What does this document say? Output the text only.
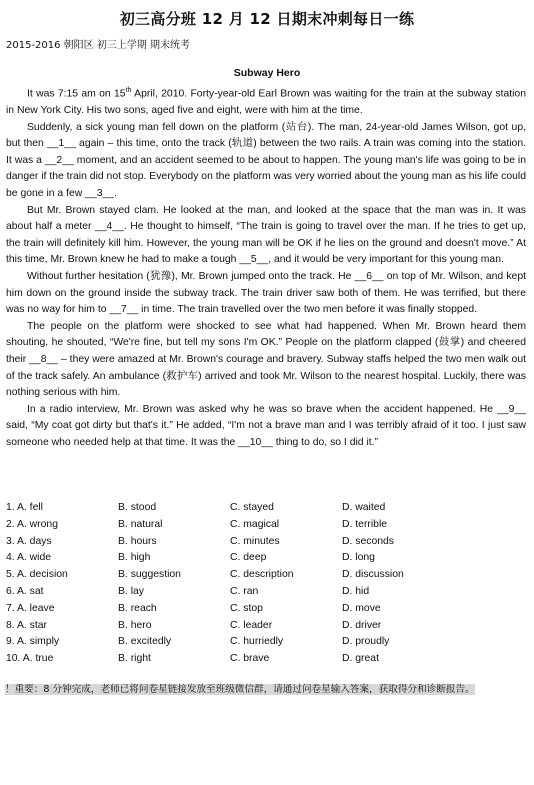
初三高分班 12 月 12 日期末冲刺每日一练
2015-2016 朝阳区 初三上学期 期末统考
Subway Hero

It was 7:15 am on 15th April, 2010. Forty-year-old Earl Brown was waiting for the train at the subway station in New York City. His two sons, aged five and eight, were with him at the time.

Suddenly, a sick young man fell down on the platform (站台). The man, 24-year-old James Wilson, got up, but then __1__ again – this time, onto the track (轨道) between the two rails. A train was coming into the station. It was a __2__ moment, and an accident seemed to be about to happen. The young man's life was going to be in danger if the train did not stop. Everybody on the platform was very worried about the young man as his life could be gone in a few __3__.

But Mr. Brown stayed clam. He looked at the man, and looked at the space that the man was in. It was about half a meter __4__. He thought to himself, “The train is going to travel over the man. If he tries to get up, the train will definitely kill him. However, the young man will be OK if he lies on the ground and doesn't move.” At this time, Mr. Brown knew he had to make a tough __5__, and it would be very important for this young man.

Without further hesitation (犹豫), Mr. Brown jumped onto the track. He __6__ on top of Mr. Wilson, and kept him down on the ground inside the subway track. The train driver saw both of them. He was terrified, but there was no way for him to __7__ in time. The train travelled over the two men before it was finally stopped.

The people on the platform were shocked to see what had happened. When Mr. Brown heard them shouting, he shouted, “We're fine, but tell my sons I'm OK.” People on the platform clapped (鼓掌) and cheered their __8__ – they were amazed at Mr. Brown's courage and bravery. Subway staffs helped the two men walk out of the track safely. An ambulance (救护车) arrived and took Mr. Wilson to the nearest hospital. Luckily, there was nothing serious with him.

In a radio interview, Mr. Brown was asked why he was so brave when the accident happened. He __9__ said, “My coat got dirty but that's it.” He added, “I'm not a brave man and I was terribly afraid of it too. I just saw someone who needed help at that time. It was the __10__ thing to do, so I did it.”

1. A. fell	B. stood	C. stayed	D. waited
2. A. wrong	B. natural	C. magical	D. terrible
3. A. days	B. hours	C. minutes	D. seconds
4. A. wide	B. high	C. deep	D. long
5. A. decision	B. suggestion	C. description	D. discussion
6. A. sat	B. lay	C. ran	D. hid
7. A. leave	B. reach	C. stop	D. move
8. A. star	B. hero	C. leader	D. driver
9. A. simply	B. excitedly	C. hurriedly	D. proudly
10. A. true	B. right	C. brave	D. great
！重要：8 分钟完成，老师已将问卷星链接发放至班级微信群，请通过问卷星输入答案，获取得分和诊断报告。
